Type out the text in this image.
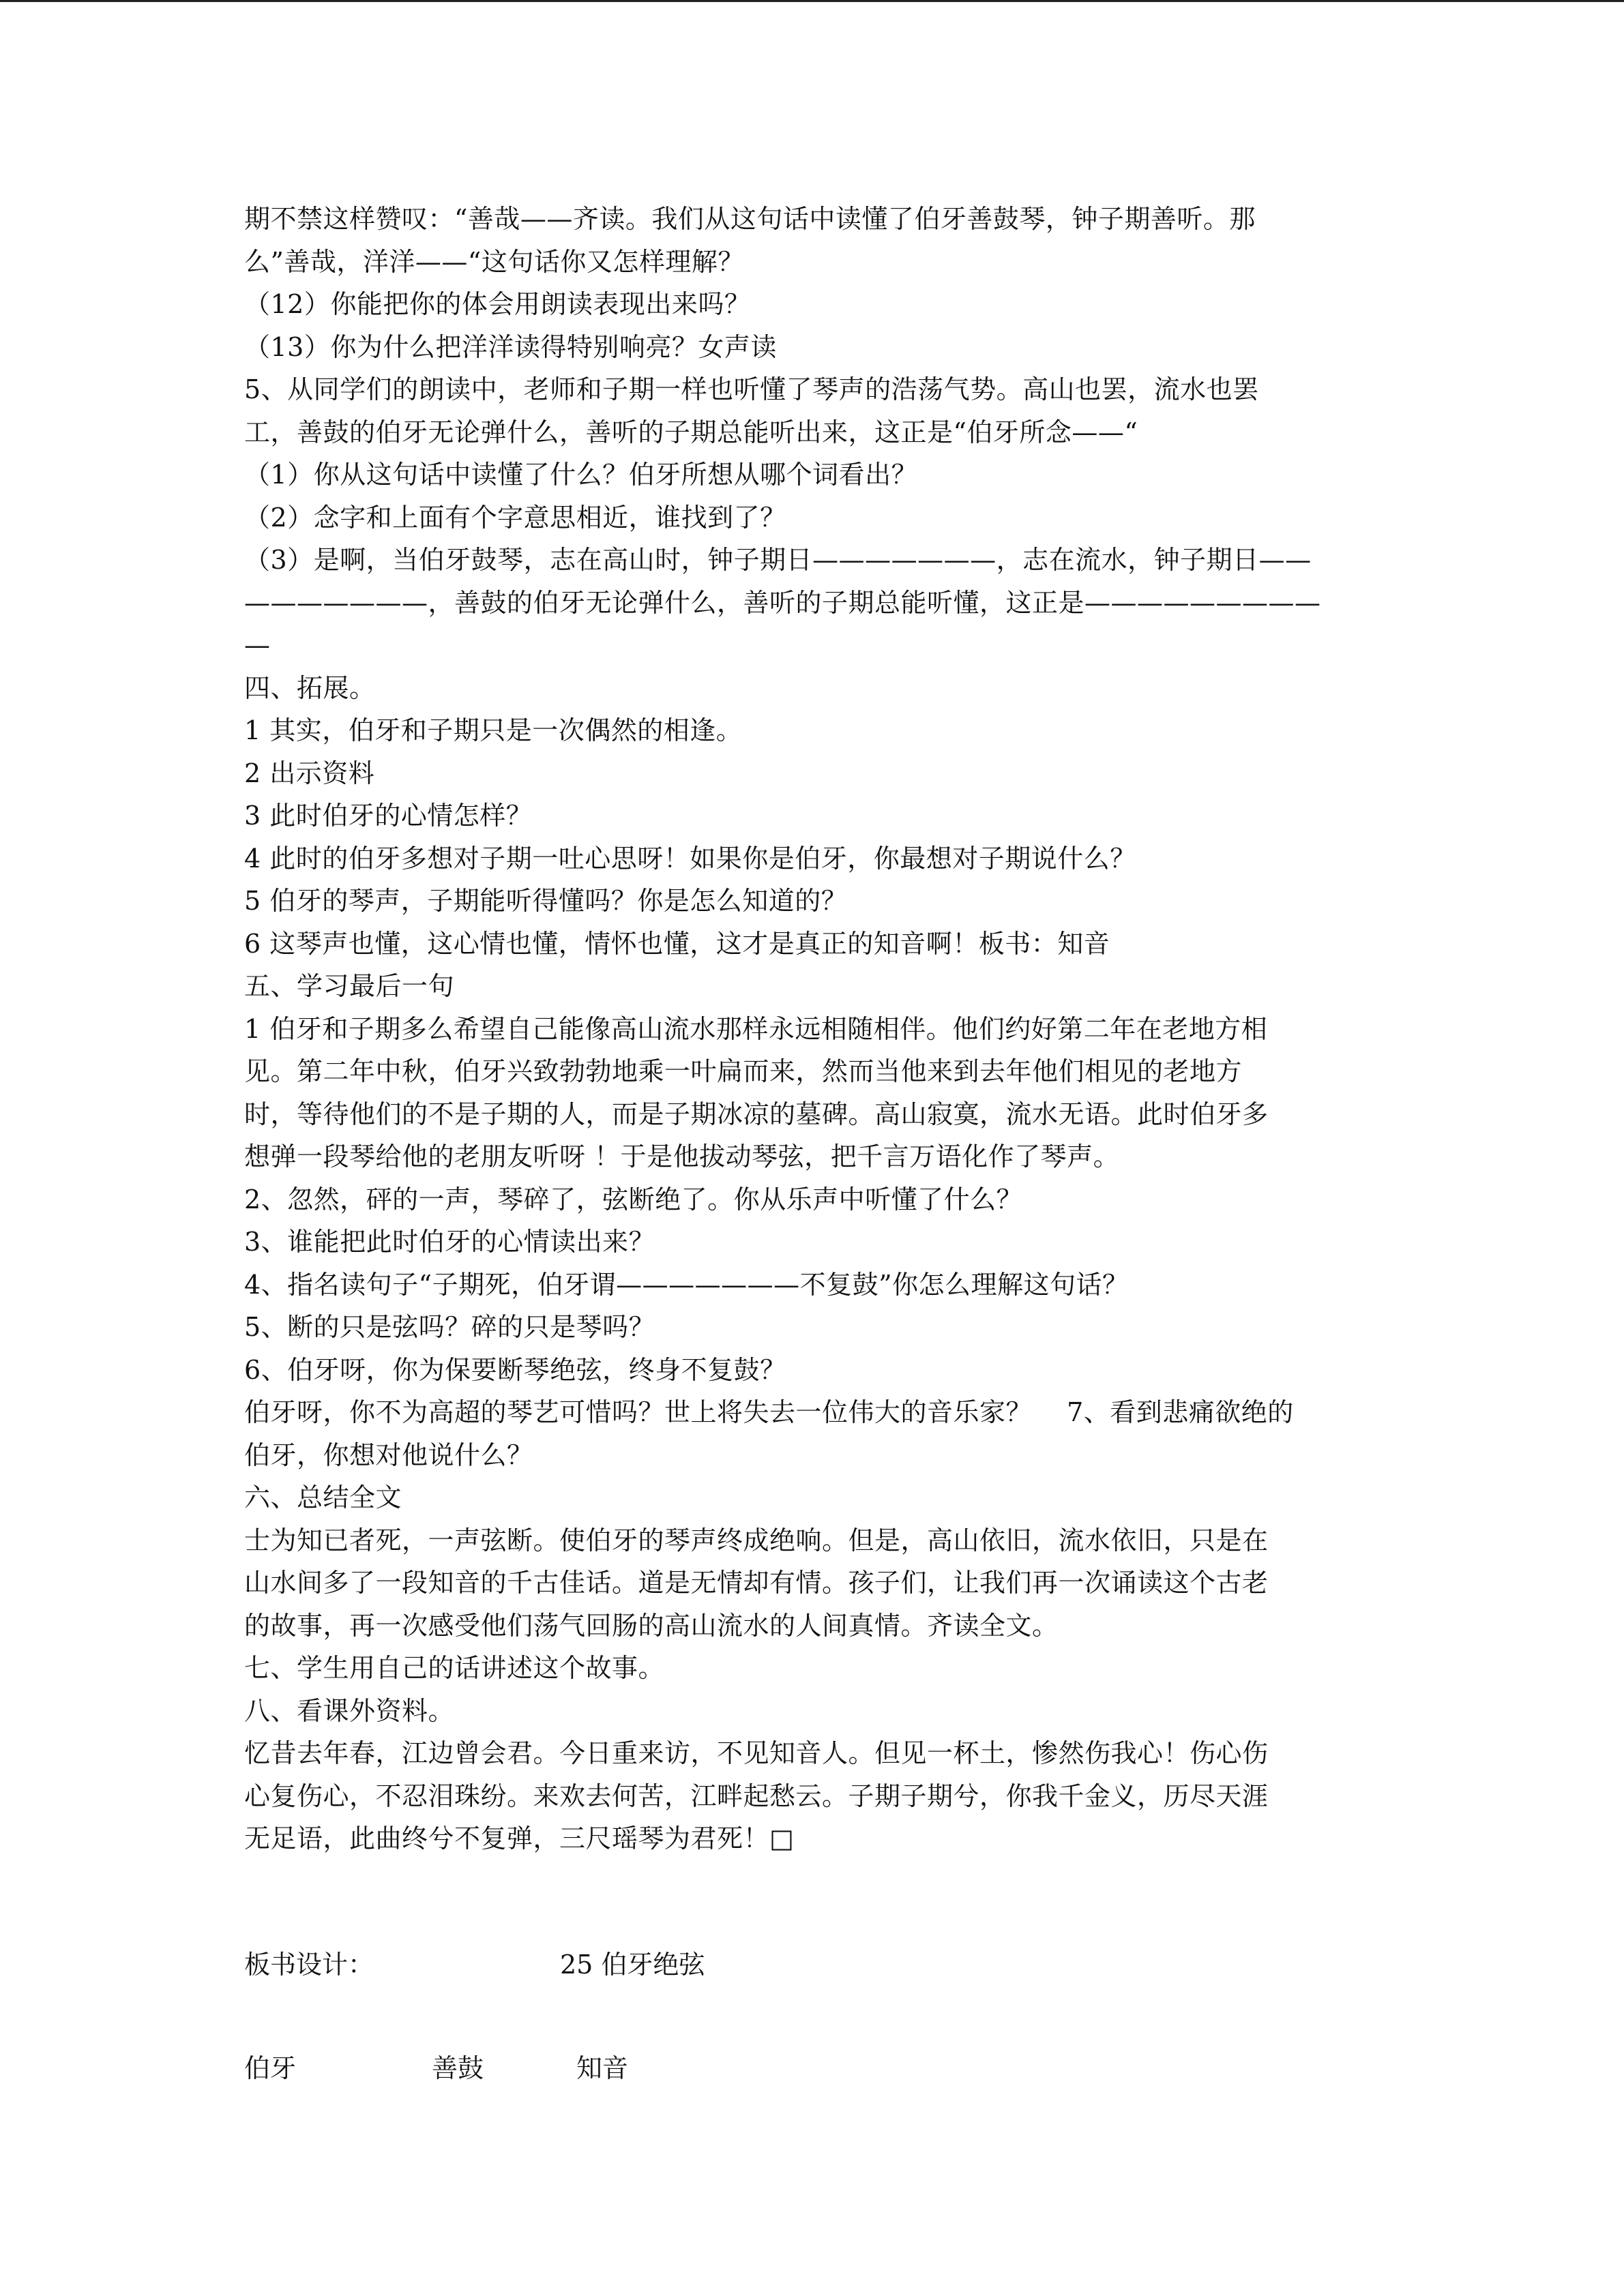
期不禁这样赞叹：“善哉——齐读。我们从这句话中读懂了伯牙善鼓琴，钟子期善听。那
么”善哉，洋洋——“这句话你又怎样理解？
（12）你能把你的体会用朗读表现出来吗？
（13）你为什么把洋洋读得特别响亮？女声读
5、从同学们的朗读中，老师和子期一样也听懂了琴声的浩荡气势。高山也罢，流水也罢
工，善鼓的伯牙无论弹什么，善听的子期总能听出来，这正是“伯牙所念——“
（1）你从这句话中读懂了什么？伯牙所想从哪个词看出？
（2）念字和上面有个字意思相近，谁找到了？
（3）是啊，当伯牙鼓琴，志在高山时，钟子期日———————，志在流水，钟子期日——
———————，善鼓的伯牙无论弹什么，善听的子期总能听懂，这正是—————————
—
四、拓展。
1 其实，伯牙和子期只是一次偶然的相逢。
2 出示资料
3 此时伯牙的心情怎样？
4 此时的伯牙多想对子期一吐心思呀！如果你是伯牙，你最想对子期说什么？
5 伯牙的琴声，子期能听得懂吗？你是怎么知道的？
6 这琴声也懂，这心情也懂，情怀也懂，这才是真正的知音啊！板书：知音
五、学习最后一句
1 伯牙和子期多么希望自己能像高山流水那样永远相随相伴。他们约好第二年在老地方相
见。第二年中秋，伯牙兴致勃勃地乘一叶扁而来，然而当他来到去年他们相见的老地方
时，等待他们的不是子期的人，而是子期冰凉的墓碑。高山寂寞，流水无语。此时伯牙多
想弹一段琴给他的老朋友听呀 ！于是他拔动琴弦，把千言万语化作了琴声。
2、忽然，砰的一声，琴碎了，弦断绝了。你从乐声中听懂了什么？
3、谁能把此时伯牙的心情读出来？
4、指名读句子“子期死，伯牙谓———————不复鼓”你怎么理解这句话？
5、断的只是弦吗？碎的只是琴吗？
6、伯牙呀，你为保要断琴绝弦，终身不复鼓？
伯牙呀，你不为高超的琴艺可惜吗？世上将失去一位伟大的音乐家？　 7、看到悲痛欲绝的
伯牙，你想对他说什么？
六、总结全文
士为知已者死，一声弦断。使伯牙的琴声终成绝响。但是，高山依旧，流水依旧，只是在
山水间多了一段知音的千古佳话。道是无情却有情。孩子们，让我们再一次诵读这个古老
的故事，再一次感受他们荡气回肠的高山流水的人间真情。齐读全文。
七、学生用自己的话讲述这个故事。
八、看课外资料。
忆昔去年春，江边曾会君。今日重来访，不见知音人。但见一杯土，惨然伤我心！伤心伤
心复伤心，不忍泪珠纷。来欢去何苦，江畔起愁云。子期子期兮，你我千金义，历尽天涯
无足语，此曲终兮不复弹，三尺瑶琴为君死！□
板书设计：	25 伯牙绝弦
伯牙	善鼓	知音
